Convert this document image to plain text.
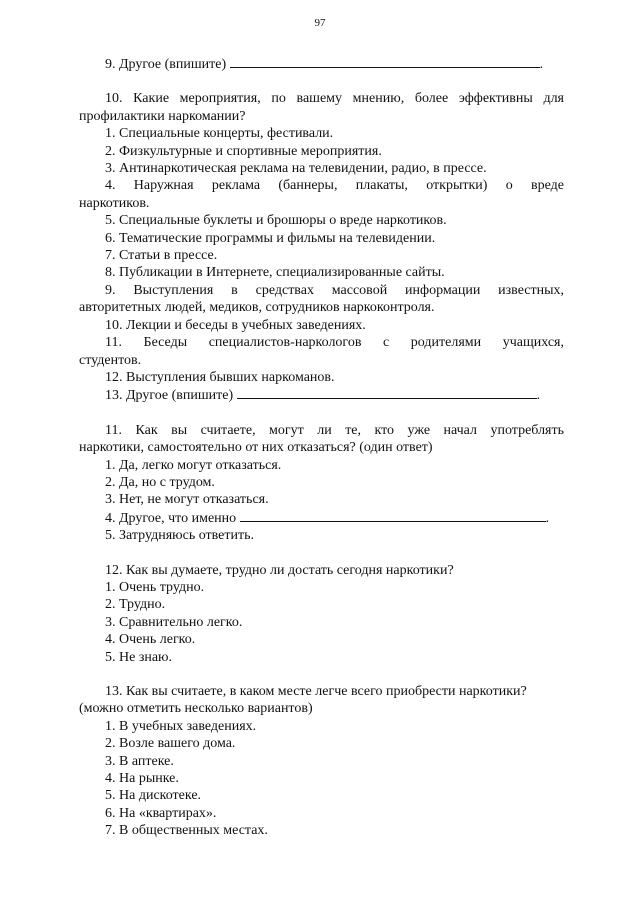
97
9. Другое (впишите)	.
10. Какие мероприятия, по вашему мнению, более эффективны для
профилактики наркомании?
1. Специальные концерты, фестивали.
2. Физкультурные и спортивные мероприятия.
3. Антинаркотическая реклама на телевидении, радио, в прессе.
4. Наружная реклама (баннеры, плакаты, открытки) о вреде
наркотиков.
5. Специальные буклеты и брошюры о вреде наркотиков.
6. Тематические программы и фильмы на телевидении.
7. Статьи в прессе.
8. Публикации в Интернете, специализированные сайты.
9. Выступления в средствах массовой информации известных,
авторитетных людей, медиков, сотрудников наркоконтроля.
10. Лекции и беседы в учебных заведениях.
11. Беседы специалистов-наркологов с родителями учащихся,
студентов.
12. Выступления бывших наркоманов.
13. Другое (впишите)	.
11. Как вы считаете, могут ли те, кто уже начал употреблять
наркотики, самостоятельно от них отказаться? (один ответ)
1. Да, легко могут отказаться.
2. Да, но с трудом.
3. Нет, не могут отказаться.
4. Другое, что именно	.
5. Затрудняюсь ответить.
12. Как вы думаете, трудно ли достать сегодня наркотики?
1. Очень трудно.
2. Трудно.
3. Сравнительно легко.
4. Очень легко.
5. Не знаю.
13. Как вы считаете, в каком месте легче всего приобрести наркотики?
(можно отметить несколько вариантов)
1. В учебных заведениях.
2. Возле вашего дома.
3. В аптеке.
4. На рынке.
5. На дискотеке.
6. На «квартирах».
7. В общественных местах.
